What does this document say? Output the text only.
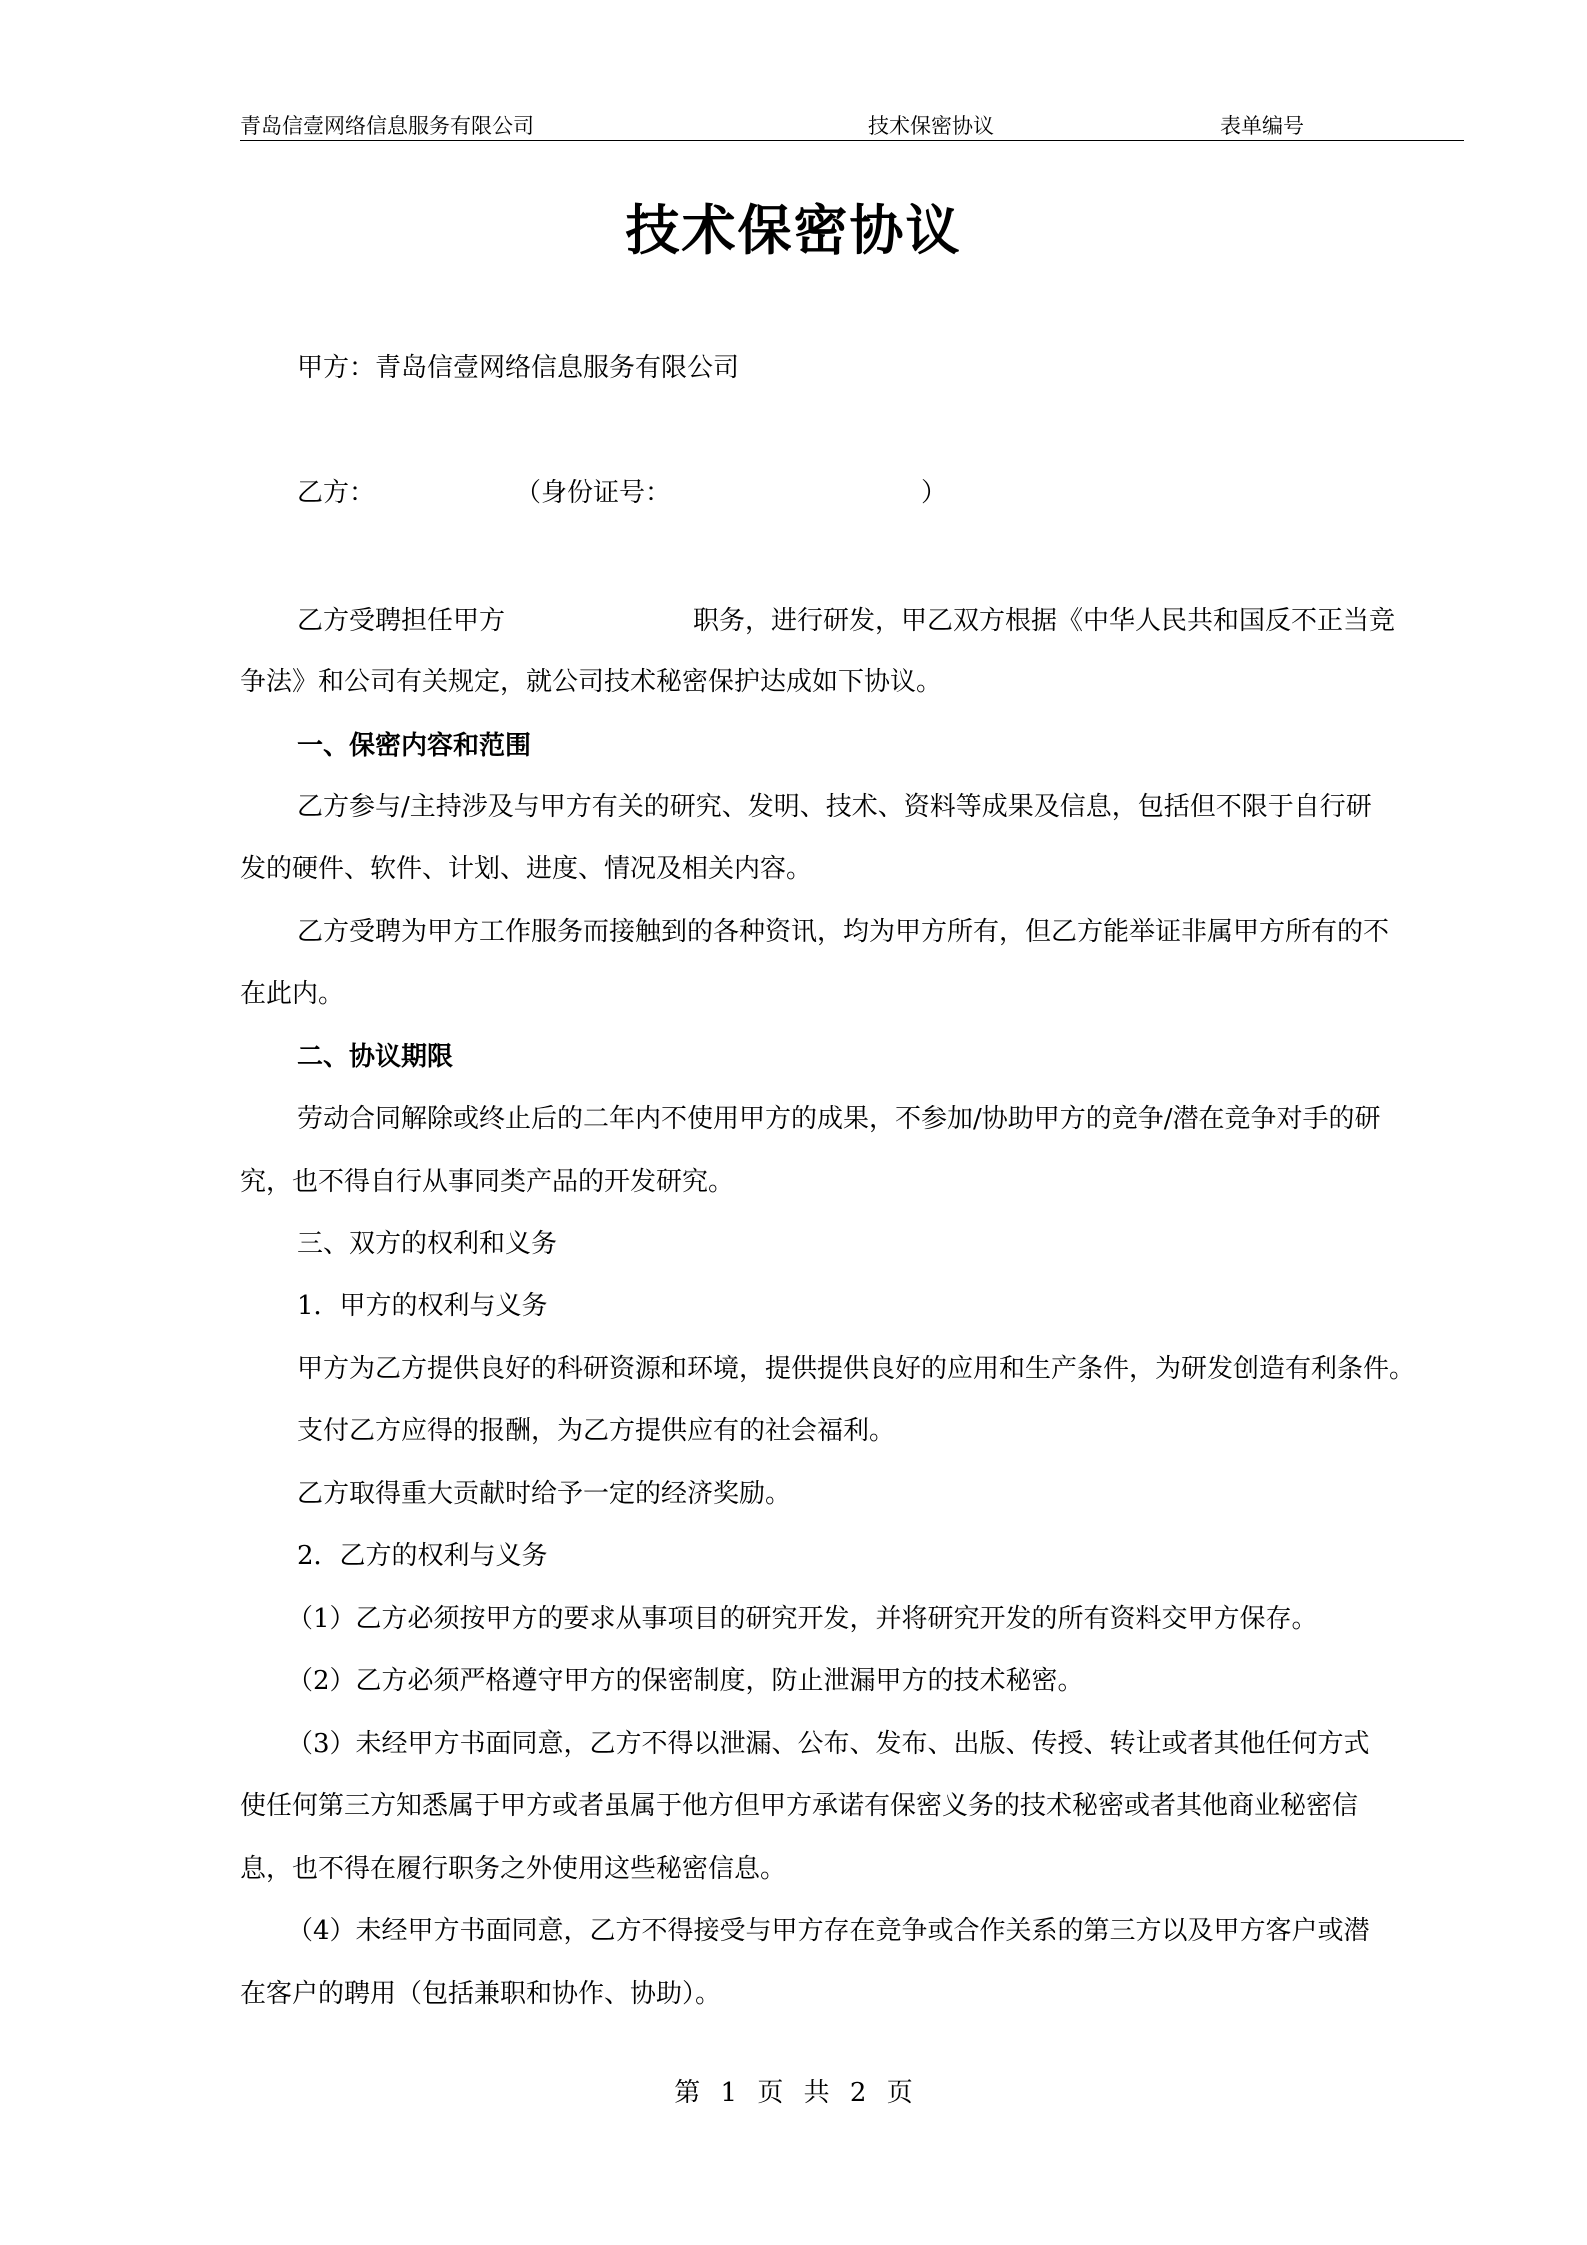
青岛信壹网络信息服务有限公司	技术保密协议	表单编号
技术保密协议
甲方：青岛信壹网络信息服务有限公司
乙方：	（身份证号：	）
乙方受聘担任甲方	职务，进行研发，甲乙双方根据《中华人民共和国反不正当竞
争法》和公司有关规定，就公司技术秘密保护达成如下协议。
一、保密内容和范围
乙方参与/主持涉及与甲方有关的研究、发明、技术、资料等成果及信息，包括但不限于自行研
发的硬件、软件、计划、进度、情况及相关内容。
乙方受聘为甲方工作服务而接触到的各种资讯，均为甲方所有，但乙方能举证非属甲方所有的不
在此内。
二、协议期限
劳动合同解除或终止后的二年内不使用甲方的成果，不参加/协助甲方的竞争/潜在竞争对手的研
究，也不得自行从事同类产品的开发研究。
三、双方的权利和义务
1．甲方的权利与义务
甲方为乙方提供良好的科研资源和环境，提供提供良好的应用和生产条件，为研发创造有利条件。
支付乙方应得的报酬，为乙方提供应有的社会福利。
乙方取得重大贡献时给予一定的经济奖励。
2．乙方的权利与义务
（1）乙方必须按甲方的要求从事项目的研究开发，并将研究开发的所有资料交甲方保存。
（2）乙方必须严格遵守甲方的保密制度，防止泄漏甲方的技术秘密。
（3）未经甲方书面同意，乙方不得以泄漏、公布、发布、出版、传授、转让或者其他任何方式
使任何第三方知悉属于甲方或者虽属于他方但甲方承诺有保密义务的技术秘密或者其他商业秘密信
息，也不得在履行职务之外使用这些秘密信息。
（4）未经甲方书面同意，乙方不得接受与甲方存在竞争或合作关系的第三方以及甲方客户或潜
在客户的聘用（包括兼职和协作、协助）。
第 1 页 共 2 页
